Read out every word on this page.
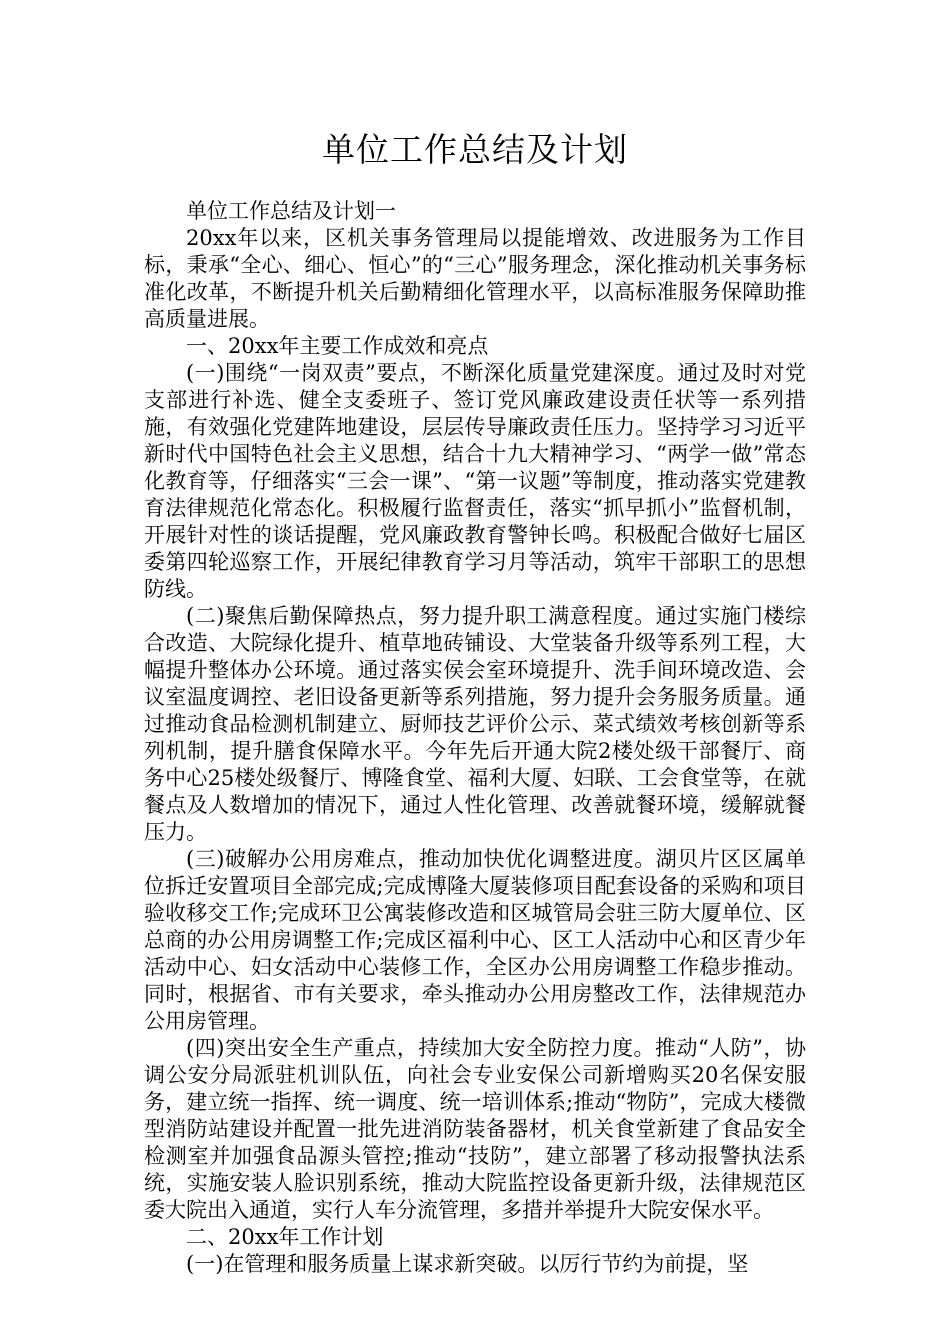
单位工作总结及计划

单位工作总结及计划一

20xx年以来，区机关事务管理局以提能增效、改进服务为工作目标，秉承“全心、细心、恒心”的“三心”服务理念，深化推动机关事务标准化改革，不断提升机关后勤精细化管理水平，以高标准服务保障助推高质量进展。

一、20xx年主要工作成效和亮点

(一)围绕“一岗双责”要点，不断深化质量党建深度。通过及时对党支部进行补选、健全支委班子、签订党风廉政建设责任状等一系列措施，有效强化党建阵地建设，层层传导廉政责任压力。坚持学习习近平新时代中国特色社会主义思想，结合十九大精神学习、“两学一做”常态化教育等，仔细落实“三会一课”、“第一议题”等制度，推动落实党建教育法律规范化常态化。积极履行监督责任，落实“抓早抓小”监督机制，开展针对性的谈话提醒，党风廉政教育警钟长鸣。积极配合做好七届区委第四轮巡察工作，开展纪律教育学习月等活动，筑牢干部职工的思想防线。

(二)聚焦后勤保障热点，努力提升职工满意程度。通过实施门楼综合改造、大院绿化提升、植草地砖铺设、大堂装备升级等系列工程，大幅提升整体办公环境。通过落实侯会室环境提升、洗手间环境改造、会议室温度调控、老旧设备更新等系列措施，努力提升会务服务质量。通过推动食品检测机制建立、厨师技艺评价公示、菜式绩效考核创新等系列机制，提升膳食保障水平。今年先后开通大院2楼处级干部餐厅、商务中心25楼处级餐厅、博隆食堂、福利大厦、妇联、工会食堂等，在就餐点及人数增加的情况下，通过人性化管理、改善就餐环境，缓解就餐压力。

(三)破解办公用房难点，推动加快优化调整进度。湖贝片区区属单位拆迁安置项目全部完成;完成博隆大厦装修项目配套设备的采购和项目验收移交工作;完成环卫公寓装修改造和区城管局会驻三防大厦单位、区总商的办公用房调整工作;完成区福利中心、区工人活动中心和区青少年活动中心、妇女活动中心装修工作，全区办公用房调整工作稳步推动。同时，根据省、市有关要求，牵头推动办公用房整改工作，法律规范办公用房管理。

(四)突出安全生产重点，持续加大安全防控力度。推动“人防”，协调公安分局派驻机训队伍，向社会专业安保公司新增购买20名保安服务，建立统一指挥、统一调度、统一培训体系;推动“物防”，完成大楼微型消防站建设并配置一批先进消防装备器材，机关食堂新建了食品安全检测室并加强食品源头管控;推动“技防”，建立部署了移动报警执法系统，实施安装人脸识别系统，推动大院监控设备更新升级，法律规范区委大院出入通道，实行人车分流管理，多措并举提升大院安保水平。

二、20xx年工作计划

(一)在管理和服务质量上谋求新突破。以厉行节约为前提，坚
